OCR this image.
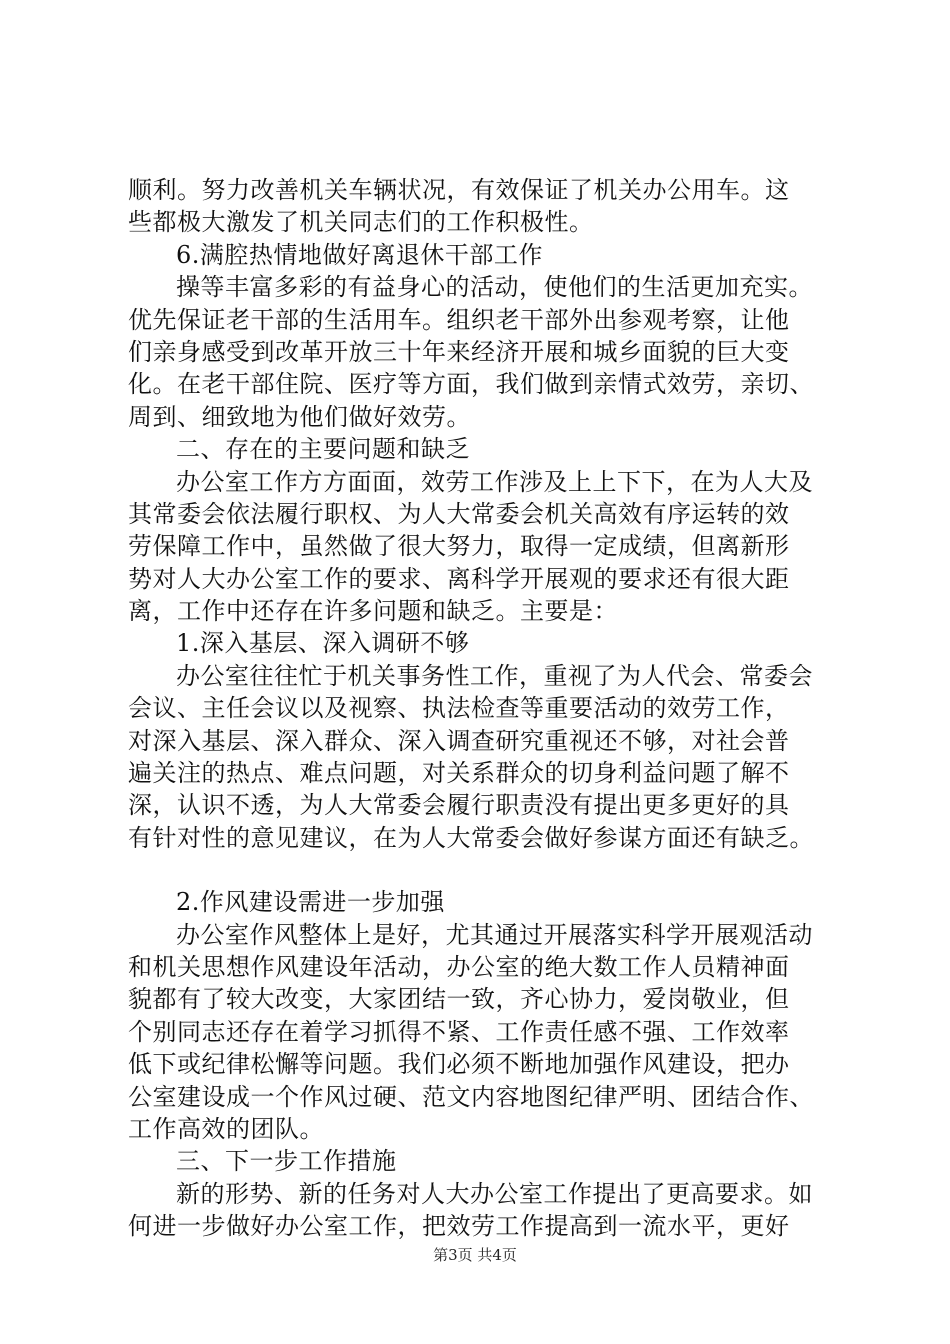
顺利。努力改善机关车辆状况，有效保证了机关办公用车。这
些都极大激发了机关同志们的工作积极性。
6.满腔热情地做好离退休干部工作
操等丰富多彩的有益身心的活动，使他们的生活更加充实。
优先保证老干部的生活用车。组织老干部外出参观考察，让他
们亲身感受到改革开放三十年来经济开展和城乡面貌的巨大变
化。在老干部住院、医疗等方面，我们做到亲情式效劳，亲切、
周到、细致地为他们做好效劳。
二、存在的主要问题和缺乏
办公室工作方方面面，效劳工作涉及上上下下，在为人大及
其常委会依法履行职权、为人大常委会机关高效有序运转的效
劳保障工作中，虽然做了很大努力，取得一定成绩，但离新形
势对人大办公室工作的要求、离科学开展观的要求还有很大距
离，工作中还存在许多问题和缺乏。主要是：
1.深入基层、深入调研不够
办公室往往忙于机关事务性工作，重视了为人代会、常委会
会议、主任会议以及视察、执法检查等重要活动的效劳工作，
对深入基层、深入群众、深入调查研究重视还不够，对社会普
遍关注的热点、难点问题，对关系群众的切身利益问题了解不
深，认识不透，为人大常委会履行职责没有提出更多更好的具
有针对性的意见建议，在为人大常委会做好参谋方面还有缺乏。
2.作风建设需进一步加强
办公室作风整体上是好，尤其通过开展落实科学开展观活动
和机关思想作风建设年活动，办公室的绝大数工作人员精神面
貌都有了较大改变，大家团结一致，齐心协力，爱岗敬业，但
个别同志还存在着学习抓得不紧、工作责任感不强、工作效率
低下或纪律松懈等问题。我们必须不断地加强作风建设，把办
公室建设成一个作风过硬、范文内容地图纪律严明、团结合作、
工作高效的团队。
三、下一步工作措施
新的形势、新的任务对人大办公室工作提出了更高要求。如
何进一步做好办公室工作，把效劳工作提高到一流水平，更好
第3页 共4页
